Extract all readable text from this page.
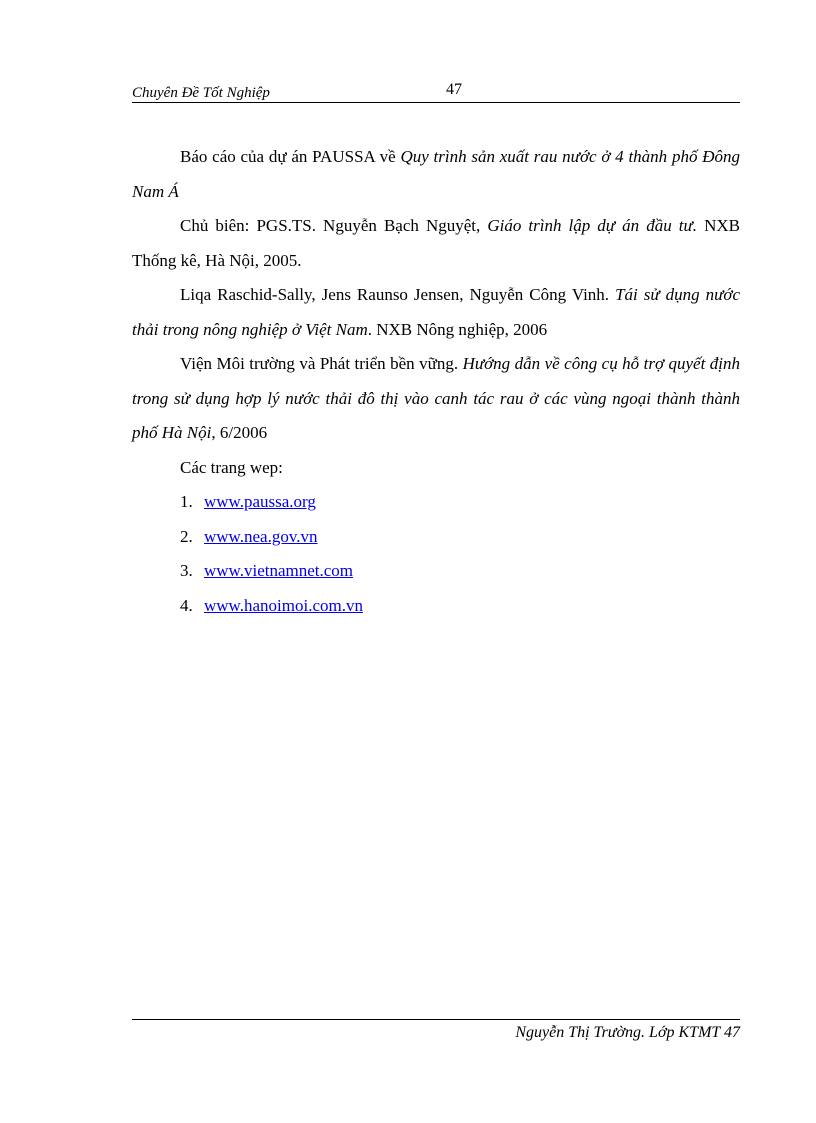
Chuyên Đề Tốt Nghiệp	47

Báo cáo của dự án PAUSSA về Quy trình sản xuất rau nước ở 4 thành phố Đông Nam Á

Chủ biên: PGS.TS. Nguyễn Bạch Nguyệt, Giáo trình lập dự án đầu tư. NXB Thống kê, Hà Nội, 2005.

Liqa Raschid-Sally, Jens Raunso Jensen, Nguyễn Công Vinh. Tái sử dụng nước thải trong nông nghiệp ở Việt Nam. NXB Nông nghiệp, 2006

Viện Môi trường và Phát triển bền vững. Hướng dẫn về công cụ hỗ trợ quyết định trong sử dụng hợp lý nước thải đô thị vào canh tác rau ở các vùng ngoại thành thành phố Hà Nội, 6/2006

Các trang wep:

1. www.paussa.org
2. www.nea.gov.vn
3. www.vietnamnet.com
4. www.hanoimoi.com.vn
Nguyễn Thị Trường. Lớp KTMT 47
